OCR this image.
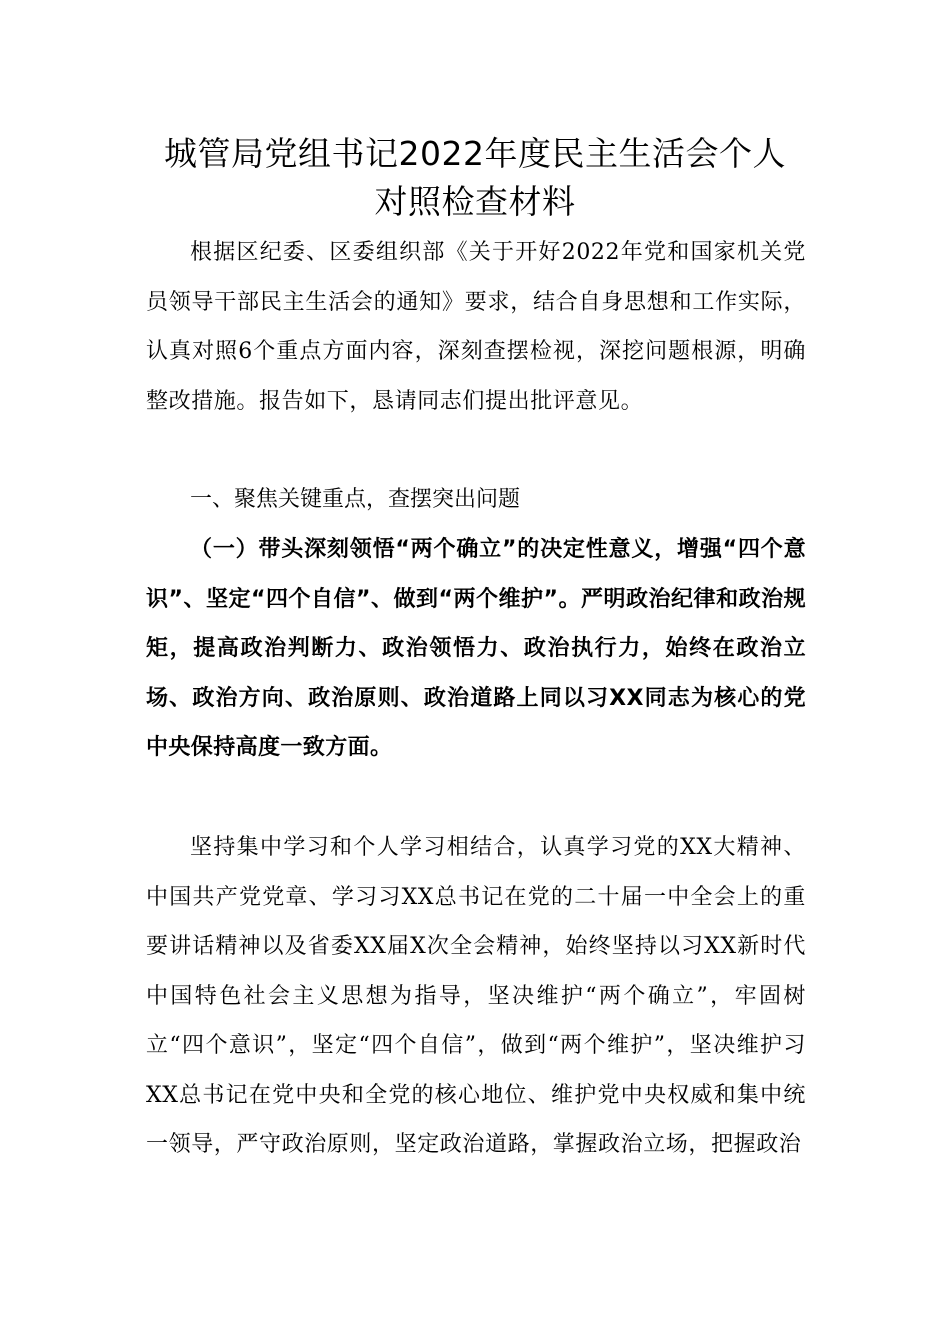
城管局党组书记2022年度民主生活会个人
对照检查材料

根据区纪委、区委组织部《关于开好2022年党和国家机关党员领导干部民主生活会的通知》要求，结合自身思想和工作实际，认真对照6个重点方面内容，深刻查摆检视，深挖问题根源，明确整改措施。报告如下，恳请同志们提出批评意见。

一、聚焦关键重点，查摆突出问题

（一）带头深刻领悟“两个确立”的决定性意义，增强“四个意识”、坚定“四个自信”、做到“两个维护”。严明政治纪律和政治规矩，提高政治判断力、政治领悟力、政治执行力，始终在政治立场、政治方向、政治原则、政治道路上同以习XX同志为核心的党中央保持高度一致方面。

坚持集中学习和个人学习相结合，认真学习党的XX大精神、中国共产党党章、学习习XX总书记在党的二十届一中全会上的重要讲话精神以及省委XX届X次全会精神，始终坚持以习XX新时代中国特色社会主义思想为指导，坚决维护“两个确立”，牢固树立“四个意识”，坚定“四个自信”，做到“两个维护”，坚决维护习XX总书记在党中央和全党的核心地位、维护党中央权威和集中统一领导，严守政治原则，坚定政治道路，掌握政治立场，把握政治
